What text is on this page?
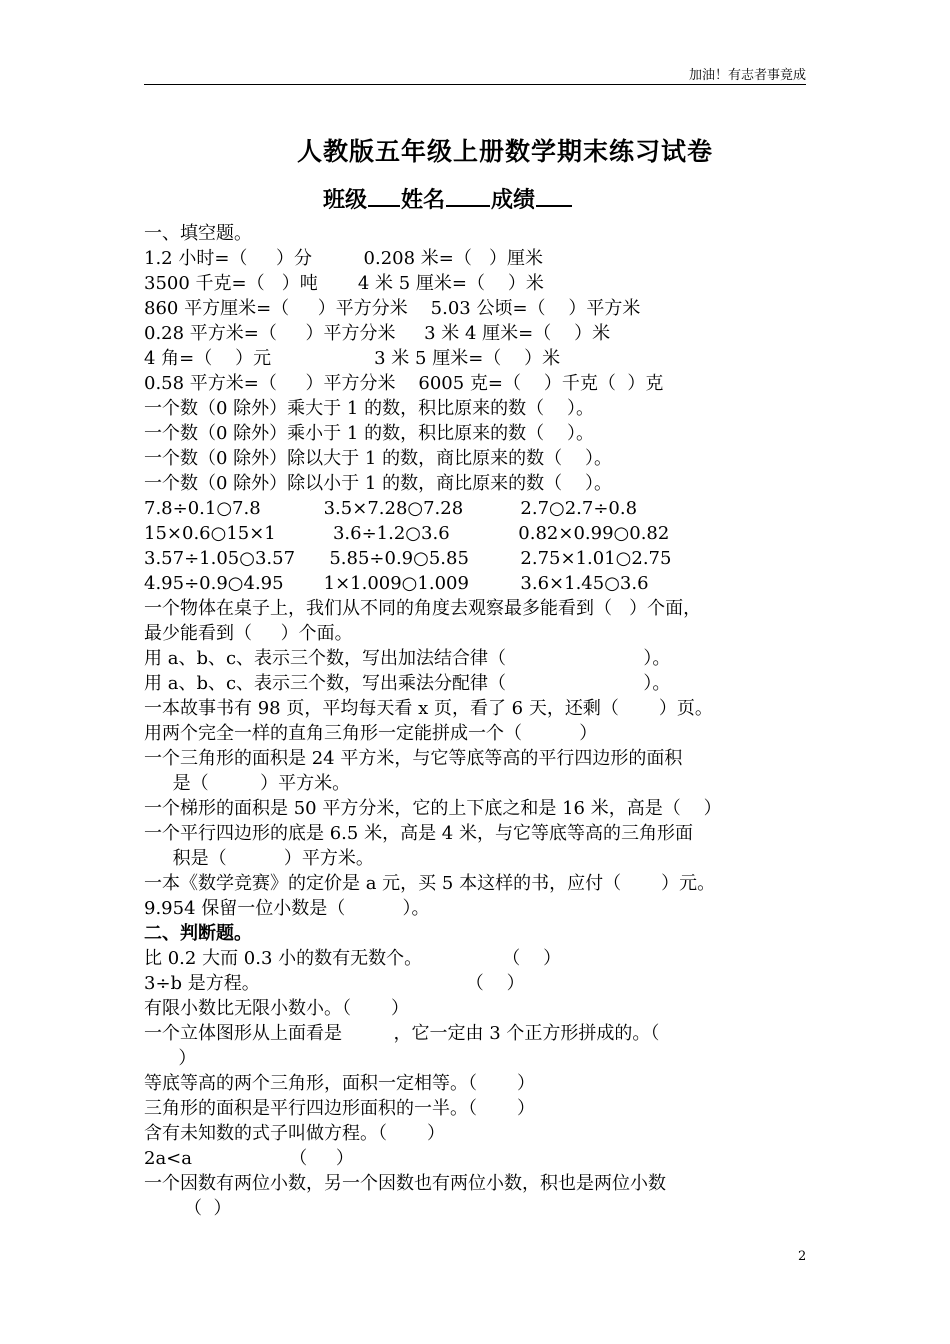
加油！有志者事竟成
人教版五年级上册数学期末练习试卷
班级 姓名 成绩
一、填空题。
1.2 小时=（     ）分         0.208 米=（   ）厘米
3500 千克=（   ）吨       4 米 5 厘米=（    ）米
860 平方厘米=（     ）平方分米    5.03 公顷=（    ）平方米
0.28 平方米=（     ）平方分米     3 米 4 厘米=（    ）米
4 角=（    ）元                  3 米 5 厘米=（    ）米
0.58 平方米=（     ）平方分米    6005 克=（    ）千克（  ）克
一个数（0 除外）乘大于 1 的数，积比原来的数（    ）。
一个数（0 除外）乘小于 1 的数，积比原来的数（    ）。
一个数（0 除外）除以大于 1 的数，商比原来的数（    ）。
一个数（0 除外）除以小于 1 的数，商比原来的数（    ）。
7.8÷0.1○7.8           3.5×7.28○7.28          2.7○2.7÷0.8
15×0.6○15×1          3.6÷1.2○3.6            0.82×0.99○0.82
3.57÷1.05○3.57      5.85÷0.9○5.85         2.75×1.01○2.75
4.95÷0.9○4.95       1×1.009○1.009         3.6×1.45○3.6
一个物体在桌子上，我们从不同的角度去观察最多能看到（   ）个面，
最少能看到（     ）个面。
用 a、b、c、表示三个数，写出加法结合律（                        ）。
用 a、b、c、表示三个数，写出乘法分配律（                        ）。
一本故事书有 98 页，平均每天看 x 页，看了 6 天，还剩（       ）页。
用两个完全一样的直角三角形一定能拼成一个（          ）
一个三角形的面积是 24 平方米，与它等底等高的平行四边形的面积
是（         ）平方米。
一个梯形的面积是 50 平方分米，它的上下底之和是 16 米，高是（    ）
一个平行四边形的底是 6.5 米，高是 4 米，与它等底等高的三角形面
积是（          ）平方米。
一本《数学竞赛》的定价是 a 元，买 5 本这样的书，应付（       ）元。
9.954 保留一位小数是（          ）。
二、判断题。
比 0.2 大而 0.3 小的数有无数个。              （    ）
3÷b 是方程。                                    （    ）
有限小数比无限小数小。（       ）
一个立体图形从上面看是         ，它一定由 3 个正方形拼成的。（
）
等底等高的两个三角形，面积一定相等。（       ）
三角形的面积是平行四边形面积的一半。（       ）
含有未知数的式子叫做方程。（       ）
2a<a                 （     ）
一个因数有两位小数，另一个因数也有两位小数，积也是两位小数
（  ）
2
